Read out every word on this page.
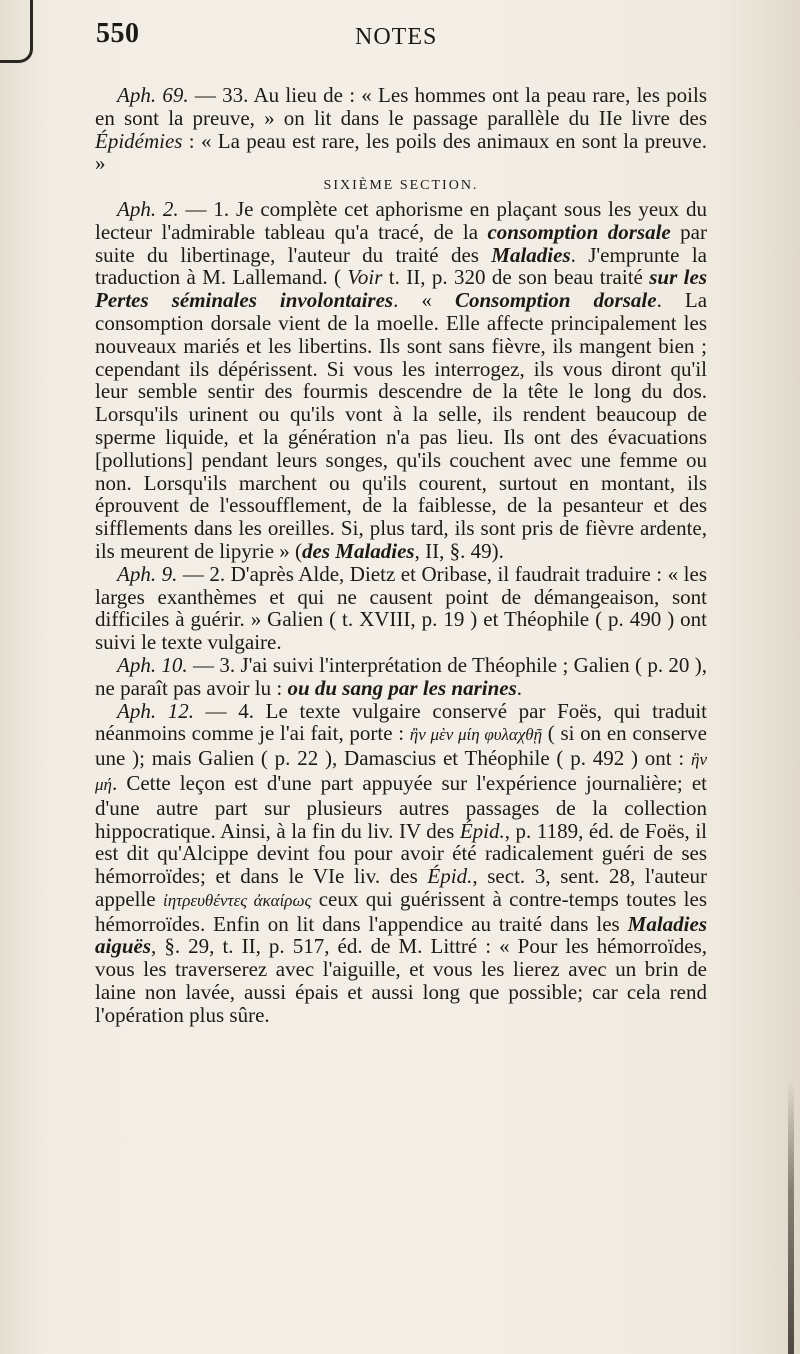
550	NOTES

Aph. 69. — 33. Au lieu de : « Les hommes ont la peau rare, les poils en sont la preuve, » on lit dans le passage parallèle du IIe livre des Épidémies : « La peau est rare, les poils des animaux en sont la preuve. »

SIXIÈME SECTION.

Aph. 2. — 1. Je complète cet aphorisme en plaçant sous les yeux du lecteur l'admirable tableau qu'a tracé, de la consomption dorsale par suite du libertinage, l'auteur du traité des Maladies. J'emprunte la traduction à M. Lallemand. ( Voir t. II, p. 320 de son beau traité sur les Pertes séminales involontaires. « Consomption dorsale. La consomption dorsale vient de la moelle. Elle affecte principalement les nouveaux mariés et les libertins. Ils sont sans fièvre, ils mangent bien ; cependant ils dépérissent. Si vous les interrogez, ils vous diront qu'il leur semble sentir des fourmis descendre de la tête le long du dos. Lorsqu'ils urinent ou qu'ils vont à la selle, ils rendent beaucoup de sperme liquide, et la génération n'a pas lieu. Ils ont des évacuations [pollutions] pendant leurs songes, qu'ils couchent avec une femme ou non. Lorsqu'ils marchent ou qu'ils courent, surtout en montant, ils éprouvent de l'essoufflement, de la faiblesse, de la pesanteur et des sifflements dans les oreilles. Si, plus tard, ils sont pris de fièvre ardente, ils meurent de lipyrie » (des Maladies, II, §. 49).

Aph. 9. — 2. D'après Alde, Dietz et Oribase, il faudrait traduire : « les larges exanthèmes et qui ne causent point de démangeaison, sont difficiles à guérir. » Galien ( t. XVIII, p. 19 ) et Théophile ( p. 490 ) ont suivi le texte vulgaire.

Aph. 10. — 3. J'ai suivi l'interprétation de Théophile ; Galien ( p. 20 ), ne paraît pas avoir lu : ou du sang par les narines.

Aph. 12. — 4. Le texte vulgaire conservé par Foës, qui traduit néanmoins comme je l'ai fait, porte : ἢν μὲν μίη φυλαχθῇ ( si on en conserve une ); mais Galien ( p. 22 ), Damascius et Théophile ( p. 492 ) ont : ἢν μή. Cette leçon est d'une part appuyée sur l'expérience journalière; et d'une autre part sur plusieurs autres passages de la collection hippocratique. Ainsi, à la fin du liv. IV des Épid., p. 1189, éd. de Foës, il est dit qu'Alcippe devint fou pour avoir été radicalement guéri de ses hémorroïdes; et dans le VIe liv. des Épid., sect. 3, sent. 28, l'auteur appelle ἰητρευθέντες ἀκαίρως ceux qui guérissent à contre-temps toutes les hémorroïdes. Enfin on lit dans l'appendice au traité dans les Maladies aiguës, §. 29, t. II, p. 517, éd. de M. Littré : « Pour les hémorroïdes, vous les traverserez avec l'aiguille, et vous les lierez avec un brin de laine non lavée, aussi épais et aussi long que possible; car cela rend l'opération plus sûre.
